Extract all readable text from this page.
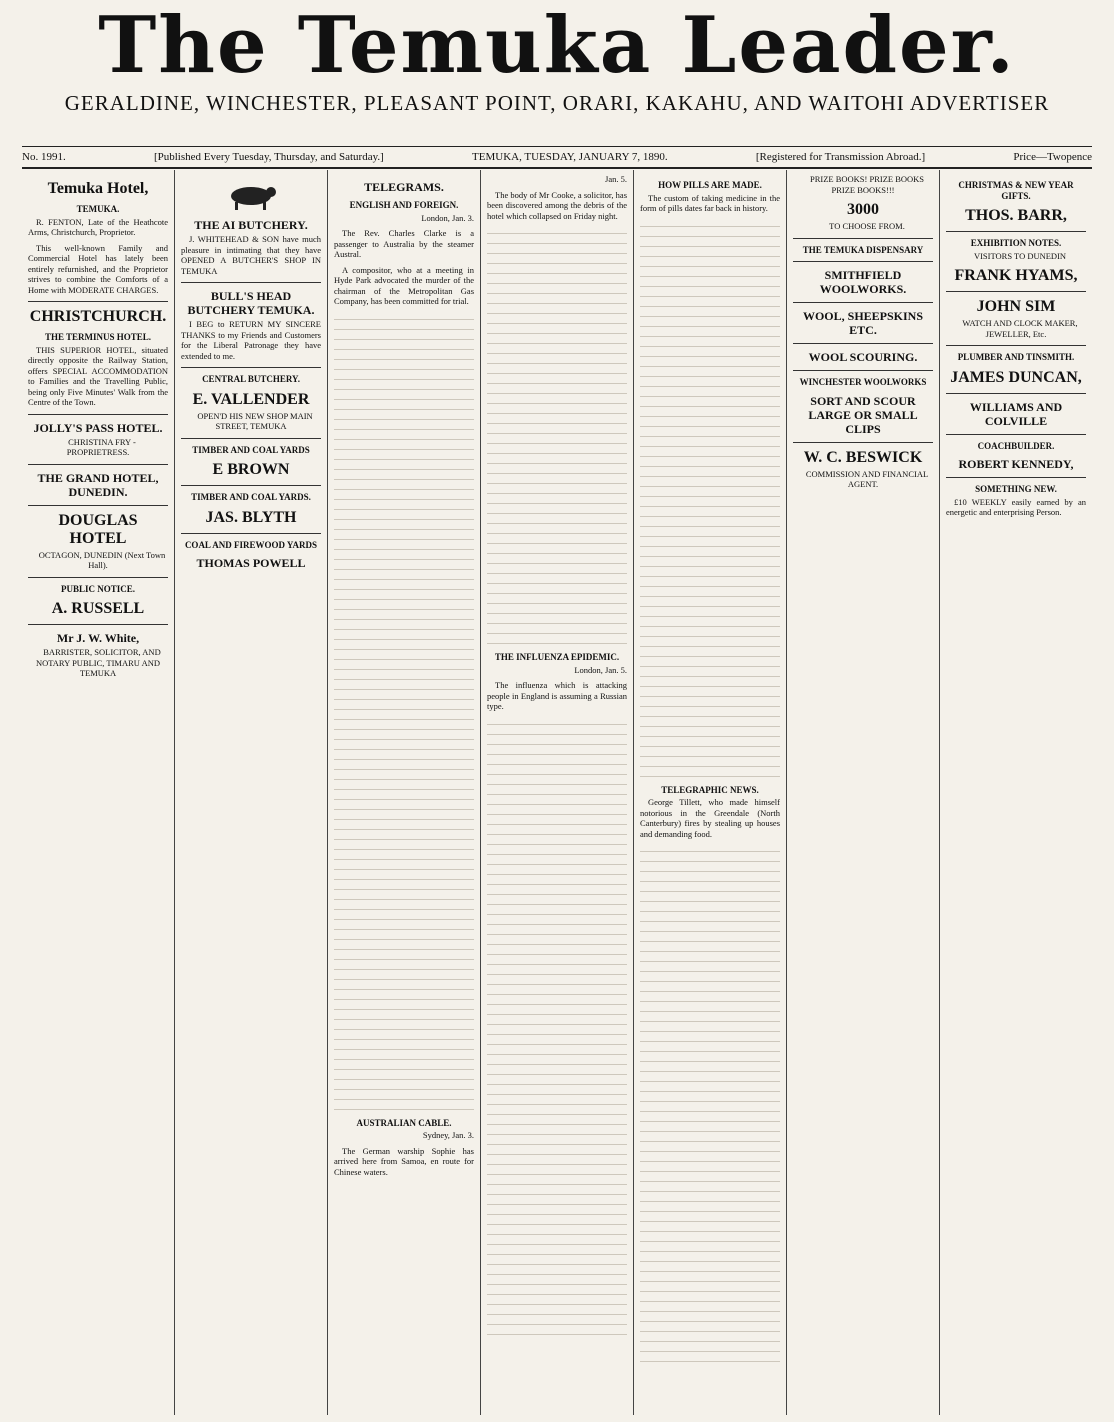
The Temuka Leader.
GERALDINE, WINCHESTER, PLEASANT POINT, ORARI, KAKAHU, AND WAITOHI ADVERTISER
No. 1991.	[Published Every Tuesday, Thursday, and Saturday.]	TEMUKA, TUESDAY, JANUARY 7, 1890.	[Registered for Transmission Abroad.]	Price—Twopence
Temuka Hotel,
TEMUKA.

R. FENTON, Late of the Heathcote Arms, Christchurch, Proprietor.

This well-known Family and Commercial Hotel has lately been entirely refurnished, and the Proprietor strives to combine the Comforts of a Home with MODERATE CHARGES.

CHRISTCHURCH.
THE TERMINUS HOTEL.

THIS SUPERIOR HOTEL, situated directly opposite the Railway Station, offers SPECIAL ACCOMMODATION to Families and the Travelling Public, being only Five Minutes' Walk from the Centre of the Town.

JOLLY'S PASS HOTEL.

CHRISTINA FRY - PROPRIETRESS.

THE GRAND HOTEL, DUNEDIN.
DOUGLAS HOTEL

OCTAGON, DUNEDIN (Next Town Hall).

PUBLIC NOTICE.
A. RUSSELL
Mr J. W. White,

BARRISTER, SOLICITOR, AND NOTARY PUBLIC, TIMARU AND TEMUKA

THE AI BUTCHERY.

J. WHITEHEAD & SON have much pleasure in intimating that they have OPENED A BUTCHER'S SHOP IN TEMUKA

BULL'S HEAD BUTCHERY TEMUKA.

I BEG to RETURN MY SINCERE THANKS to my Friends and Customers for the Liberal Patronage they have extended to me.

CENTRAL BUTCHERY.
E. VALLENDER

OPEN'D HIS NEW SHOP MAIN STREET, TEMUKA

TIMBER AND COAL YARDS
E BROWN
TIMBER AND COAL YARDS.
JAS. BLYTH
COAL AND FIREWOOD YARDS
THOMAS POWELL
TELEGRAMS.
ENGLISH AND FOREIGN.

London, Jan. 3.

The Rev. Charles Clarke is a passenger to Australia by the steamer Austral.

A compositor, who at a meeting in Hyde Park advocated the murder of the chairman of the Metropolitan Gas Company, has been committed for trial.

AUSTRALIAN CABLE.

Sydney, Jan. 3.

The German warship Sophie has arrived here from Samoa, en route for Chinese waters.

Jan. 5.

The body of Mr Cooke, a solicitor, has been discovered among the debris of the hotel which collapsed on Friday night.

THE INFLUENZA EPIDEMIC.

London, Jan. 5.

The influenza which is attacking people in England is assuming a Russian type.

HOW PILLS ARE MADE.

The custom of taking medicine in the form of pills dates far back in history.

TELEGRAPHIC NEWS.

George Tillett, who made himself notorious in the Greendale (North Canterbury) fires by stealing up houses and demanding food.

PRIZE BOOKS! PRIZE BOOKS PRIZE BOOKS!!!

3000

TO CHOOSE FROM.

THE TEMUKA DISPENSARY
SMITHFIELD WOOLWORKS.
WOOL, SHEEPSKINS ETC.
WOOL SCOURING.
WINCHESTER WOOLWORKS
SORT AND SCOUR LARGE OR SMALL CLIPS
W. C. BESWICK

COMMISSION AND FINANCIAL AGENT.

CHRISTMAS & NEW YEAR GIFTS.
THOS. BARR,
EXHIBITION NOTES.

VISITORS TO DUNEDIN

FRANK HYAMS,
JOHN SIM

WATCH AND CLOCK MAKER, JEWELLER, Etc.

PLUMBER AND TINSMITH.
JAMES DUNCAN,
WILLIAMS AND COLVILLE
COACHBUILDER.
ROBERT KENNEDY,
SOMETHING NEW.

£10 WEEKLY easily earned by an energetic and enterprising Person.
